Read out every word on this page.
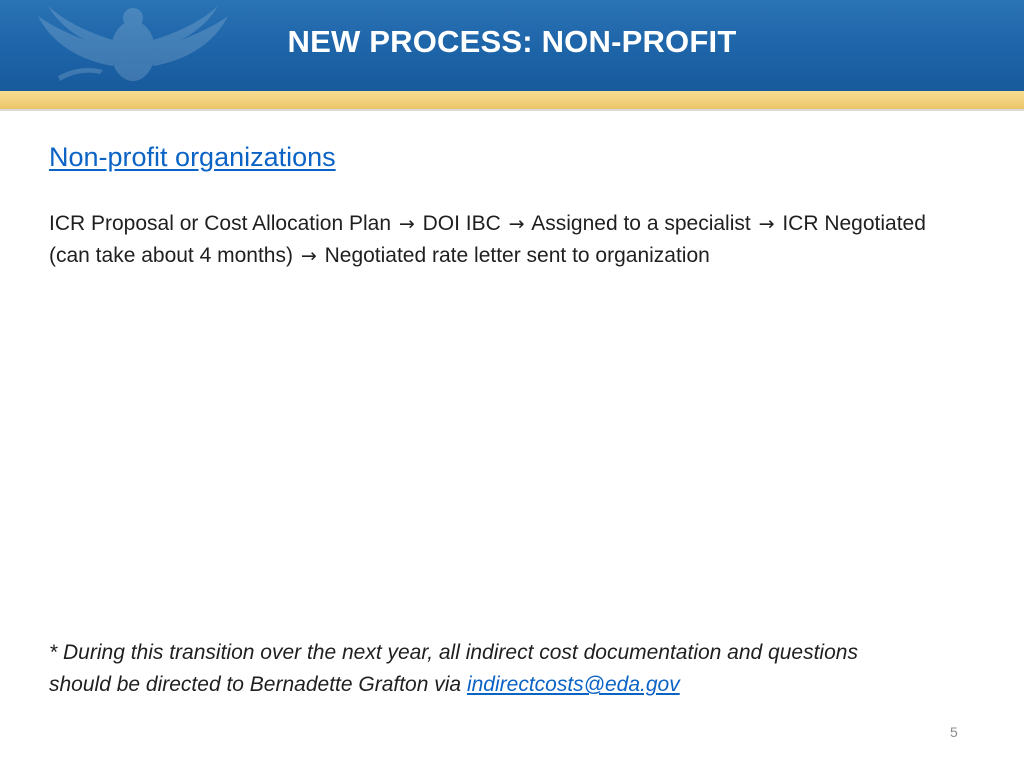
NEW PROCESS: NON-PROFIT
Non-profit organizations
ICR Proposal or Cost Allocation Plan → DOI IBC → Assigned to a specialist → ICR Negotiated (can take about 4 months) → Negotiated rate letter sent to organization
* During this transition over the next year, all indirect cost documentation and questions should be directed to Bernadette Grafton via indirectcosts@eda.gov
5
